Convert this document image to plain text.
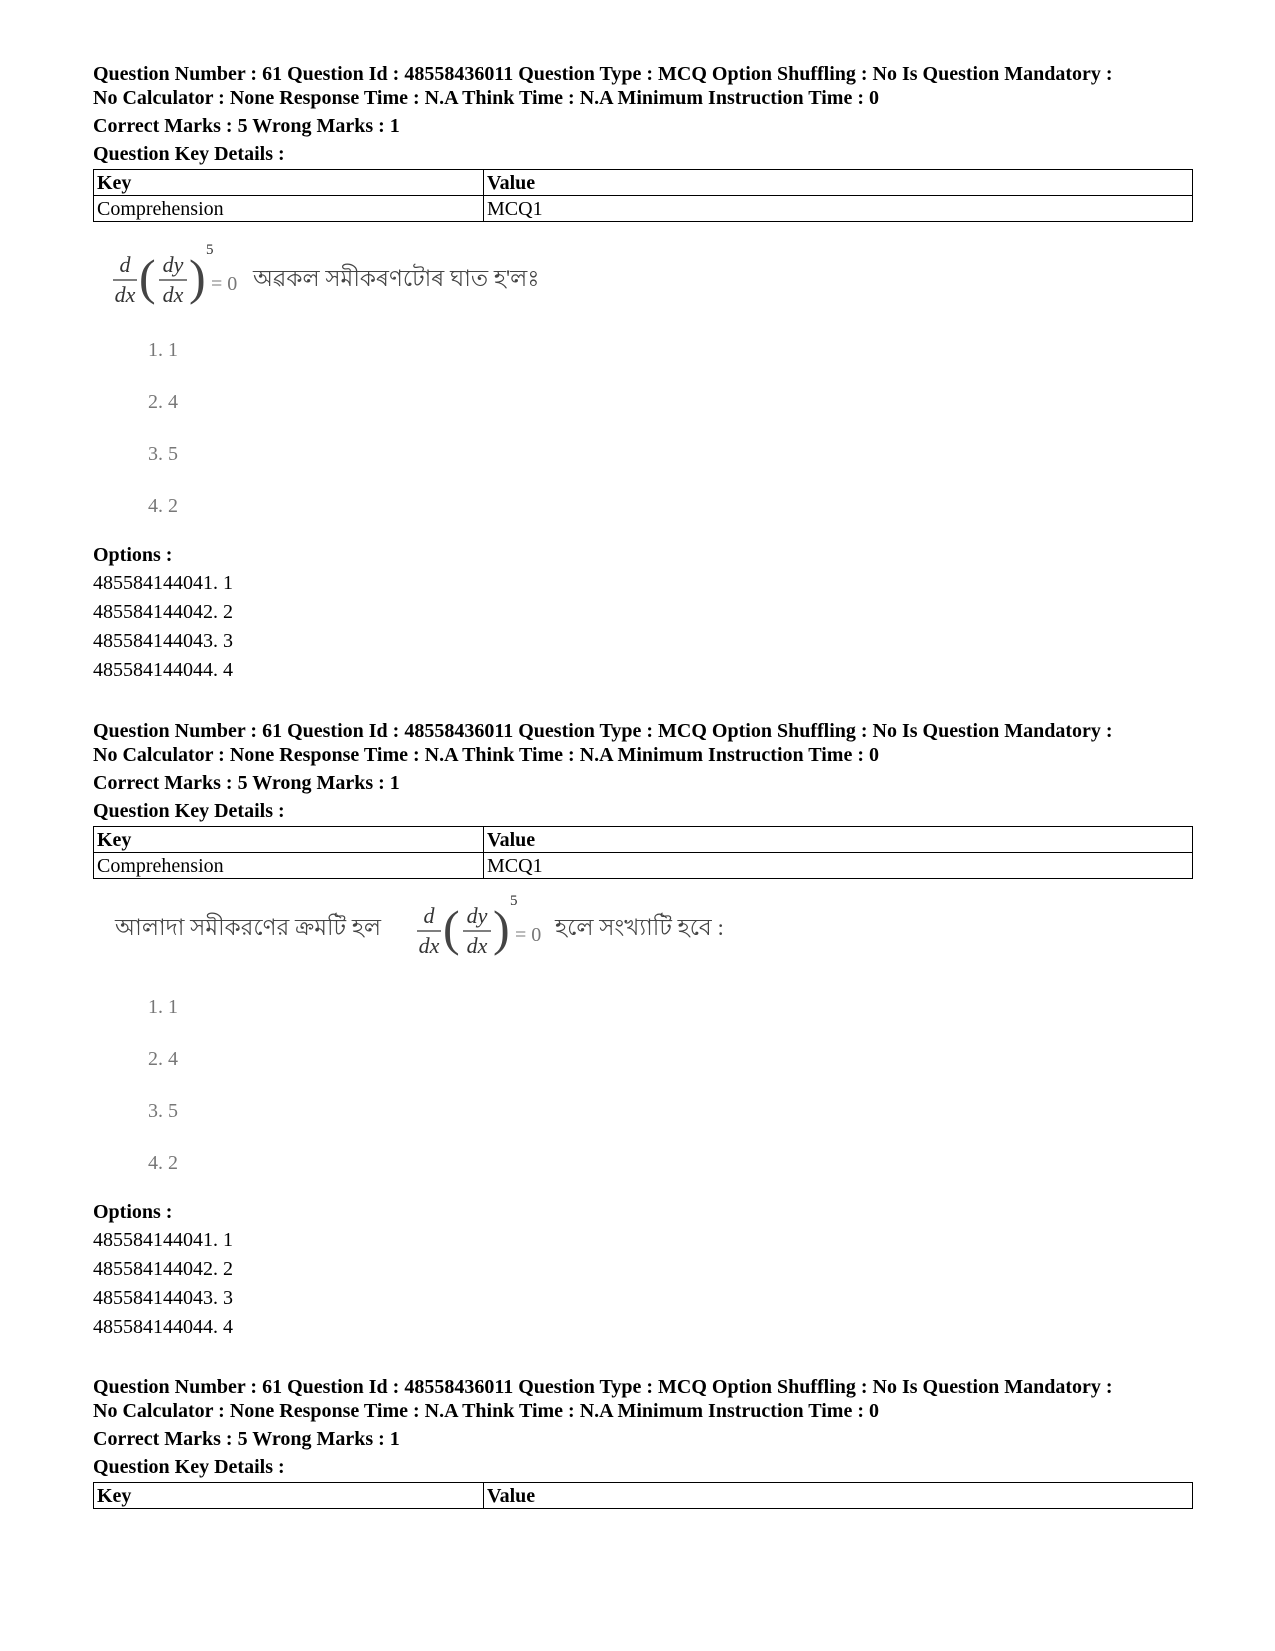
Question Number : 61 Question Id : 48558436011 Question Type : MCQ Option Shuffling : No Is Question Mandatory :
No Calculator : None Response Time : N.A Think Time : N.A Minimum Instruction Time : 0
Correct Marks : 5 Wrong Marks : 1
Question Key Details :
Key	Value
Comprehension	MCQ1
d
dx ( dy
dx ) 5
= 0 অৱকল সমীকৰণটোৰ ঘাত হ'লঃ
1. 1
2. 4
3. 5
4. 2
Options :
485584144041. 1
485584144042. 2
485584144043. 3
485584144044. 4
Question Number : 61 Question Id : 48558436011 Question Type : MCQ Option Shuffling : No Is Question Mandatory :
No Calculator : None Response Time : N.A Think Time : N.A Minimum Instruction Time : 0
Correct Marks : 5 Wrong Marks : 1
Question Key Details :
Key	Value
Comprehension	MCQ1
আলাদা সমীকরণের ক্রমটি হল d
dx ( dy
dx ) 5
= 0 হলে সংখ্যাটি হবে :
1. 1
2. 4
3. 5
4. 2
Options :
485584144041. 1
485584144042. 2
485584144043. 3
485584144044. 4
Question Number : 61 Question Id : 48558436011 Question Type : MCQ Option Shuffling : No Is Question Mandatory :
No Calculator : None Response Time : N.A Think Time : N.A Minimum Instruction Time : 0
Correct Marks : 5 Wrong Marks : 1
Question Key Details :
Key	Value
